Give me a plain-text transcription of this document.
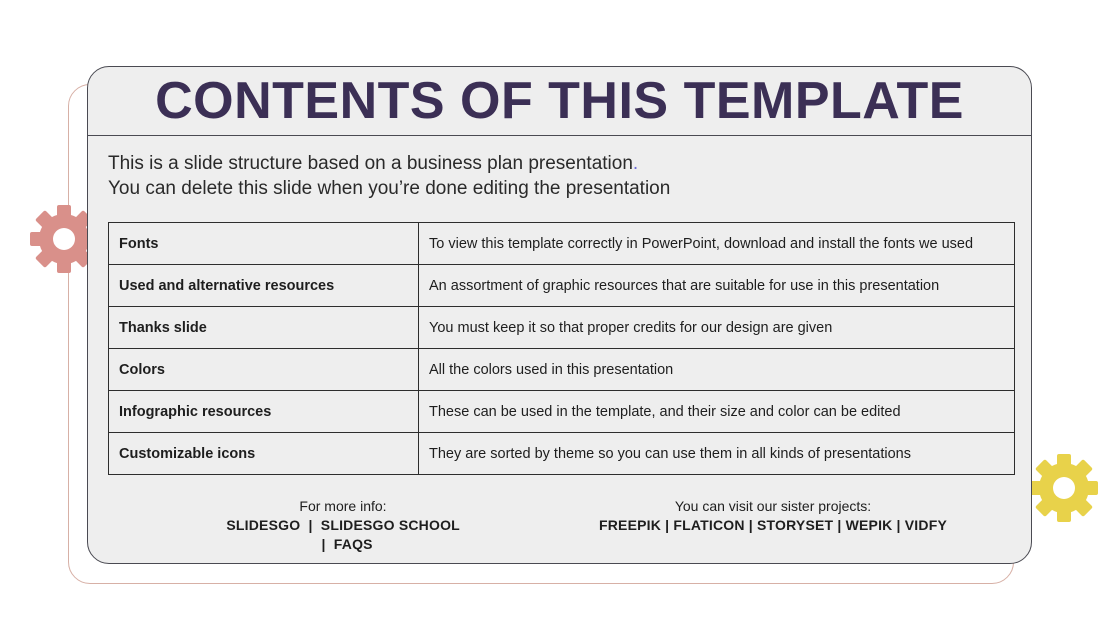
CONTENTS OF THIS TEMPLATE

This is a slide structure based on a business plan presentation.

You can delete this slide when you’re done editing the presentation

Fonts	To view this template correctly in PowerPoint, download and install the fonts we used
Used and alternative resources	An assortment of graphic resources that are suitable for use in this presentation
Thanks slide	You must keep it so that proper credits for our design are given
Colors	All the colors used in this presentation
Infographic resources	These can be used in the template, and their size and color can be edited
Customizable icons	They are sorted by theme so you can use them in all kinds of presentations
For more info:
SLIDESGO  |  SLIDESGO SCHOOL  |  FAQS
You can visit our sister projects:
FREEPIK | FLATICON | STORYSET | WEPIK | VIDFY
